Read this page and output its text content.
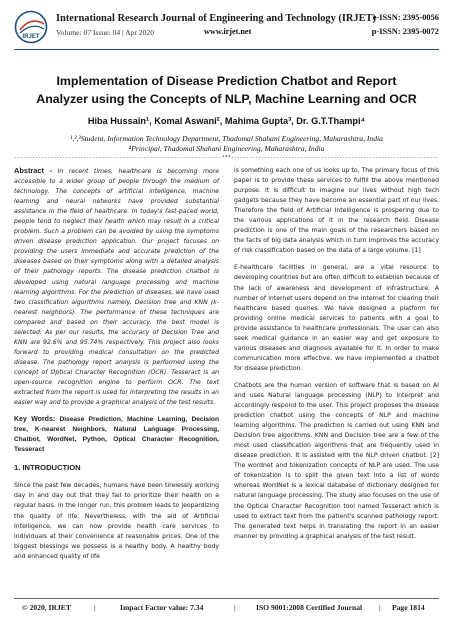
IRJET
International Research Journal of Engineering and Technology (IRJET)
e-ISSN: 2395-0056
Volume: 07 Issue: 04 | Apr 2020	www.irjet.net	p-ISSN: 2395-0072
Implementation of Disease Prediction Chatbot and Report
Analyzer using the Concepts of NLP, Machine Learning and OCR
Hiba Hussain¹, Komal Aswani², Mahima Gupta³, Dr. G.T.Thampi⁴
¹,²,³Student, Information Technology Department, Thadomal Shahani Engineering, Maharashtra, India
⁴Principal, Thadomal Shahani Engineering, Maharashtra, India
---------------------------------------------------------------------***---------------------------------------------------------------------

Abstract - In recent times, healthcare is becoming more accessible to a wider group of people through the medium of technology. The concepts of artificial intelligence, machine learning and neural networks have provided substantial assistance in the field of healthcare. In today's fast-paced world, people tend to neglect their health which may result in a critical problem. Such a problem can be avoided by using the symptoms driven disease prediction application. Our project focuses on providing the users immediate and accurate prediction of the diseases based on their symptoms along with a detailed analysis of their pathology reports. The disease prediction chatbot is developed using natural language processing and machine learning algorithms. For the prediction of diseases, we have used two classification algorithms namely, Decision tree and KNN (k-nearest neighbors). The performance of these techniques are compared and based on their accuracy, the best model is selected. As per our results, the accuracy of Decision Tree and KNN are 92.6% and 95.74% respectively. This project also looks forward to providing medical consultation on the predicted disease. The pathology report analysis is performed using the concept of Optical Character Recognition (OCR). Tesseract is an open-source recognition engine to perform OCR. The text extracted from the report is used for interpreting the results in an easier way and to provide a graphical analysis of the test results.

Key Words: Disease Prediction, Machine Learning, Decision tree, K-nearest Neighbors, Natural Language Processing, Chatbot, WordNet, Python, Optical Character Recognition, Tesseract

1. INTRODUCTION

Since the past few decades, humans have been tirelessly working day in and day out that they fail to prioritize their health on a regular basis. In the longer run, this problem leads to jeopardizing the quality of life. Nevertheless, with the aid of Artificial Intelligence, we can now provide health care services to individuals at their convenience at reasonable prices. One of the biggest blessings we possess is a healthy body. A healthy body and enhanced quality of life

is something each one of us looks up to. The primary focus of this paper is to provide these services to fulfill the above mentioned purpose. It is difficult to imagine our lives without high tech gadgets because they have become an essential part of our lives. Therefore the field of Artificial Intelligence is prospering due to the various applications of it in the research field. Disease prediction is one of the main goals of the researchers based on the facts of big data analysis which in turn improves the accuracy of risk classification based on the data of a large volume. [1]

E-healthcare facilities in general, are a vital resource to developing countries but are often difficult to establish because of the lack of awareness and development of infrastructure. A number of internet users depend on the internet for clearing their healthcare based queries. We have designed a platform for providing online medical services to patients with a goal to provide assistance to healthcare professionals. The user can also seek medical guidance in an easier way and get exposure to various diseases and diagnosis available for it. In order to make communication more effective, we have implemented a chatbot for disease prediction.

Chatbots are the human version of software that is based on AI and uses Natural language processing (NLP) to interpret and accordingly respond to the user. This project proposes the disease prediction chatbot using the concepts of NLP and machine learning algorithms. The prediction is carried out using KNN and Decision tree algorithms. KNN and Decision tree are a few of the most used classification algorithms that are frequently used in disease prediction. It is assisted with the NLP driven chatbot. [2] The wordnet and tokenization concepts of NLP are used. The use of tokenization is to split the given text into a list of words whereas WordNet is a lexical database of dictionary designed for natural language processing. The study also focuses on the use of the Optical Character Recognition tool named Tesseract which is used to extract text from the patient's scanned pathology report. The generated text helps in translating the report in an easier manner by providing a graphical analysis of the test result.

© 2020, IRJET	|	Impact Factor value: 7.34	|	ISO 9001:2008 Certified Journal | Page 1814
